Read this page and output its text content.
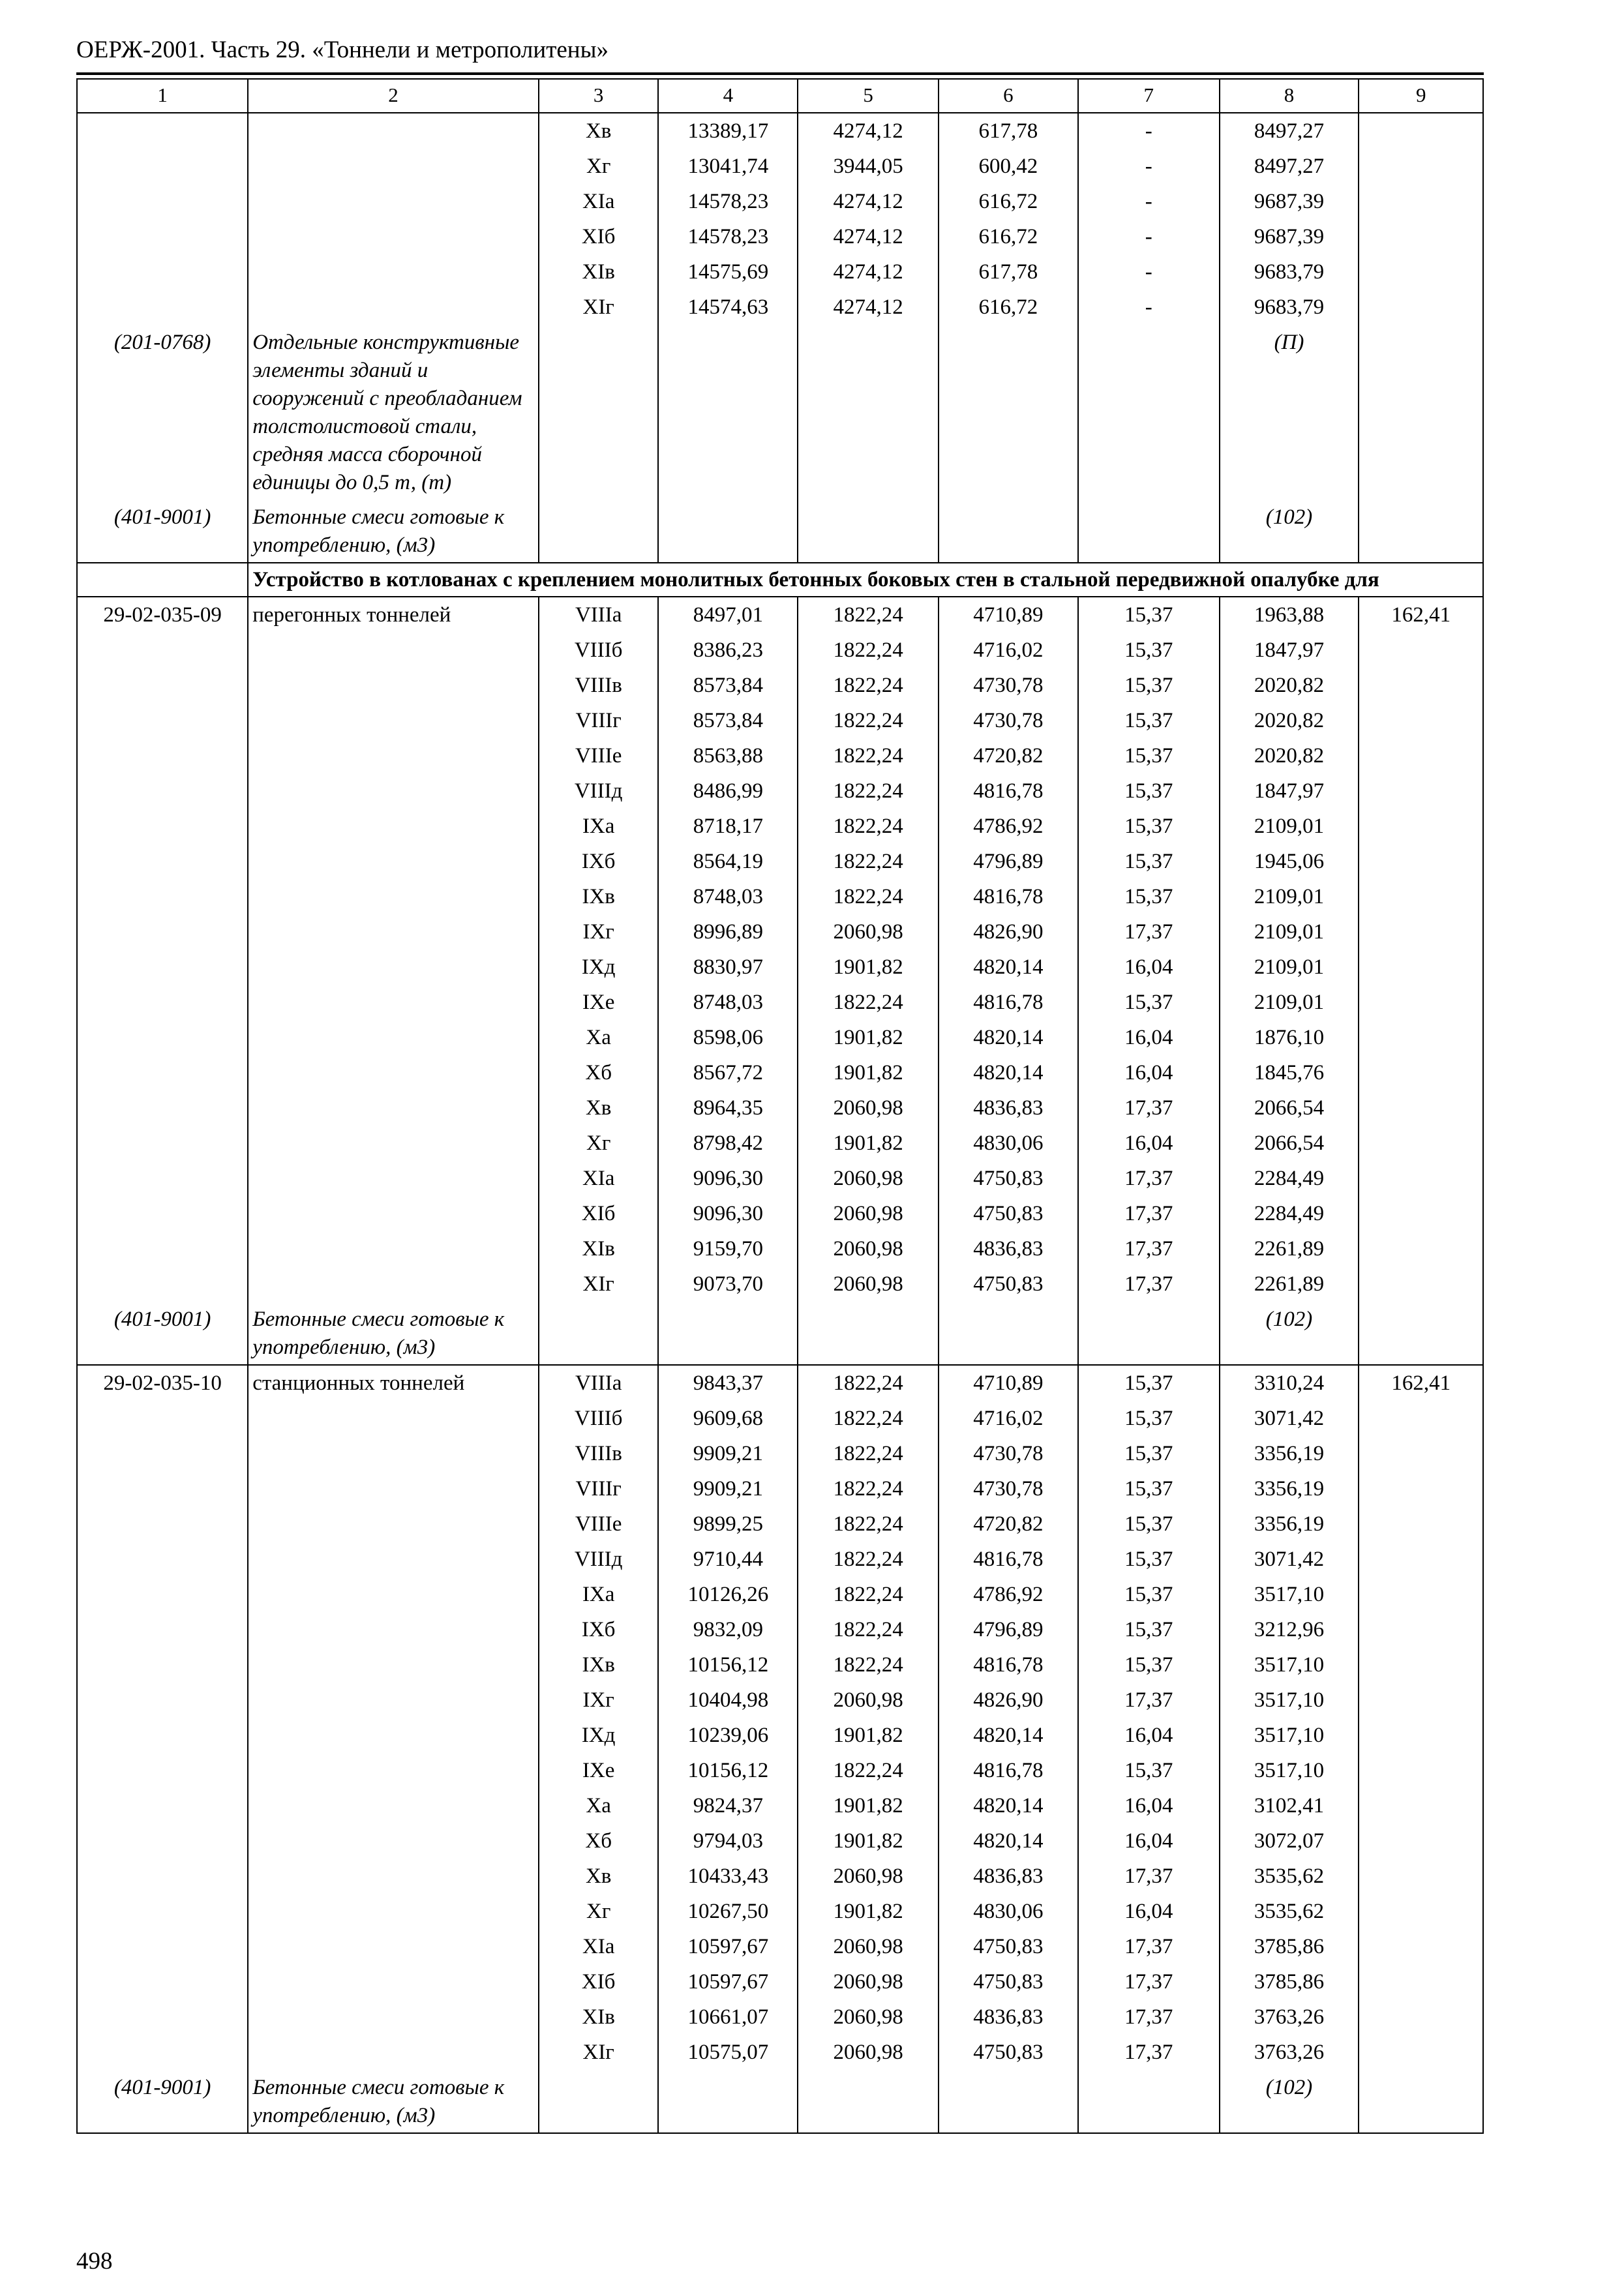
ОЕРЖ-2001. Часть 29. «Тоннели и метрополитены»
1	2	3	4	5	6	7	8	9
		Хв	13389,17	4274,12	617,78	-	8497,27	
		Хг	13041,74	3944,05	600,42	-	8497,27	
		ХIа	14578,23	4274,12	616,72	-	9687,39	
		ХIб	14578,23	4274,12	616,72	-	9687,39	
		ХIв	14575,69	4274,12	617,78	-	9683,79	
		ХIг	14574,63	4274,12	616,72	-	9683,79	
(201-0768)	Отдельные конструктивные элементы зданий и сооружений с преобладанием толстолистовой стали, средняя масса сборочной единицы до 0,5 т, (т)						(П)	
(401-9001)	Бетонные смеси готовые к употреблению, (м3)						(102)	
	Устройство в котлованах с креплением монолитных бетонных боковых стен в стальной передвижной опалубке для							
29-02-035-09	перегонных тоннелей	VIIIа	8497,01	1822,24	4710,89	15,37	1963,88	162,41
		VIIIб	8386,23	1822,24	4716,02	15,37	1847,97	
		VIIIв	8573,84	1822,24	4730,78	15,37	2020,82	
		VIIIг	8573,84	1822,24	4730,78	15,37	2020,82	
		VIIIе	8563,88	1822,24	4720,82	15,37	2020,82	
		VIIIд	8486,99	1822,24	4816,78	15,37	1847,97	
		IХа	8718,17	1822,24	4786,92	15,37	2109,01	
		IХб	8564,19	1822,24	4796,89	15,37	1945,06	
		IХв	8748,03	1822,24	4816,78	15,37	2109,01	
		IХг	8996,89	2060,98	4826,90	17,37	2109,01	
		IХд	8830,97	1901,82	4820,14	16,04	2109,01	
		IХе	8748,03	1822,24	4816,78	15,37	2109,01	
		Ха	8598,06	1901,82	4820,14	16,04	1876,10	
		Хб	8567,72	1901,82	4820,14	16,04	1845,76	
		Хв	8964,35	2060,98	4836,83	17,37	2066,54	
		Хг	8798,42	1901,82	4830,06	16,04	2066,54	
		ХIа	9096,30	2060,98	4750,83	17,37	2284,49	
		ХIб	9096,30	2060,98	4750,83	17,37	2284,49	
		ХIв	9159,70	2060,98	4836,83	17,37	2261,89	
		ХIг	9073,70	2060,98	4750,83	17,37	2261,89	
(401-9001)	Бетонные смеси готовые к употреблению, (м3)						(102)	
29-02-035-10	станционных тоннелей	VIIIа	9843,37	1822,24	4710,89	15,37	3310,24	162,41
		VIIIб	9609,68	1822,24	4716,02	15,37	3071,42	
		VIIIв	9909,21	1822,24	4730,78	15,37	3356,19	
		VIIIг	9909,21	1822,24	4730,78	15,37	3356,19	
		VIIIе	9899,25	1822,24	4720,82	15,37	3356,19	
		VIIIд	9710,44	1822,24	4816,78	15,37	3071,42	
		IХа	10126,26	1822,24	4786,92	15,37	3517,10	
		IХб	9832,09	1822,24	4796,89	15,37	3212,96	
		IХв	10156,12	1822,24	4816,78	15,37	3517,10	
		IХг	10404,98	2060,98	4826,90	17,37	3517,10	
		IХд	10239,06	1901,82	4820,14	16,04	3517,10	
		IХе	10156,12	1822,24	4816,78	15,37	3517,10	
		Ха	9824,37	1901,82	4820,14	16,04	3102,41	
		Хб	9794,03	1901,82	4820,14	16,04	3072,07	
		Хв	10433,43	2060,98	4836,83	17,37	3535,62	
		Хг	10267,50	1901,82	4830,06	16,04	3535,62	
		ХIа	10597,67	2060,98	4750,83	17,37	3785,86	
		ХIб	10597,67	2060,98	4750,83	17,37	3785,86	
		ХIв	10661,07	2060,98	4836,83	17,37	3763,26	
		ХIг	10575,07	2060,98	4750,83	17,37	3763,26	
(401-9001)	Бетонные смеси готовые к употреблению, (м3)						(102)	
498
